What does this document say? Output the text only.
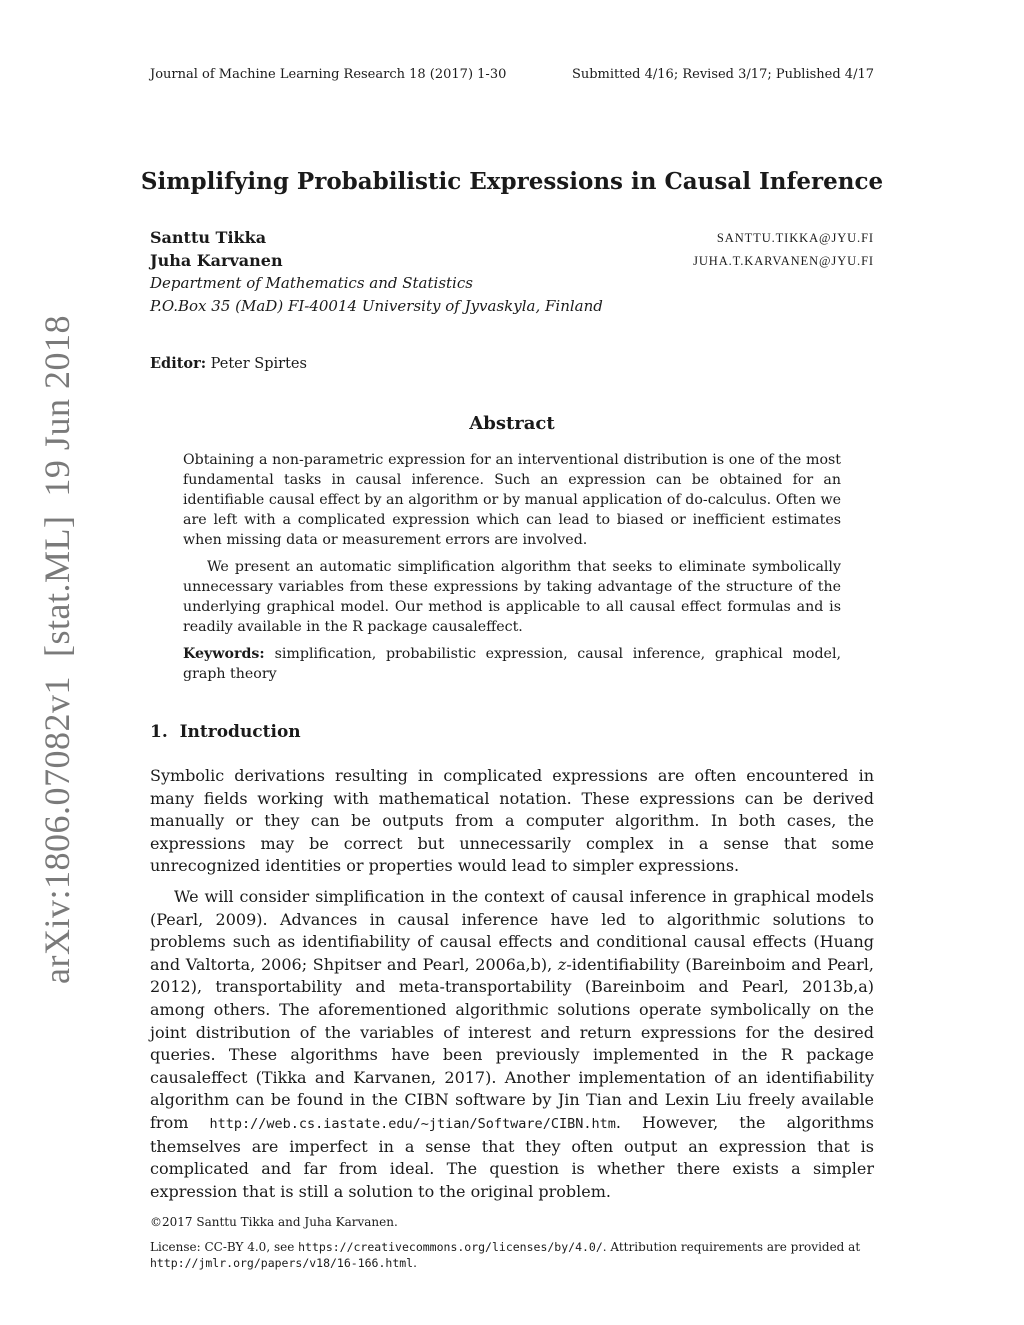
Journal of Machine Learning Research 18 (2017) 1-30	Submitted 4/16; Revised 3/17; Published 4/17
arXiv:1806.07082v1  [stat.ML]  19 Jun 2018
Simplifying Probabilistic Expressions in Causal Inference
Santtu Tikka	SANTTU.TIKKA@JYU.FI
Juha Karvanen	JUHA.T.KARVANEN@JYU.FI
Department of Mathematics and Statistics
P.O.Box 35 (MaD) FI-40014 University of Jyvaskyla, Finland
Editor: Peter Spirtes
Abstract

Obtaining a non-parametric expression for an interventional distribution is one of the most fundamental tasks in causal inference. Such an expression can be obtained for an identifiable causal effect by an algorithm or by manual application of do-calculus. Often we are left with a complicated expression which can lead to biased or inefficient estimates when missing data or measurement errors are involved.

We present an automatic simplification algorithm that seeks to eliminate symbolically unnecessary variables from these expressions by taking advantage of the structure of the underlying graphical model. Our method is applicable to all causal effect formulas and is readily available in the R package causaleffect.

Keywords: simplification, probabilistic expression, causal inference, graphical model, graph theory

1. Introduction

Symbolic derivations resulting in complicated expressions are often encountered in many fields working with mathematical notation. These expressions can be derived manually or they can be outputs from a computer algorithm. In both cases, the expressions may be correct but unnecessarily complex in a sense that some unrecognized identities or properties would lead to simpler expressions.

We will consider simplification in the context of causal inference in graphical models (Pearl, 2009). Advances in causal inference have led to algorithmic solutions to problems such as identifiability of causal effects and conditional causal effects (Huang and Valtorta, 2006; Shpitser and Pearl, 2006a,b), z-identifiability (Bareinboim and Pearl, 2012), transportability and meta-transportability (Bareinboim and Pearl, 2013b,a) among others. The aforementioned algorithmic solutions operate symbolically on the joint distribution of the variables of interest and return expressions for the desired queries. These algorithms have been previously implemented in the R package causaleffect (Tikka and Karvanen, 2017). Another implementation of an identifiability algorithm can be found in the CIBN software by Jin Tian and Lexin Liu freely available from http://web.cs.iastate.edu/~jtian/Software/CIBN.htm. However, the algorithms themselves are imperfect in a sense that they often output an expression that is complicated and far from ideal. The question is whether there exists a simpler expression that is still a solution to the original problem.

©2017 Santtu Tikka and Juha Karvanen.
License: CC-BY 4.0, see https://creativecommons.org/licenses/by/4.0/. Attribution requirements are provided at http://jmlr.org/papers/v18/16-166.html.
